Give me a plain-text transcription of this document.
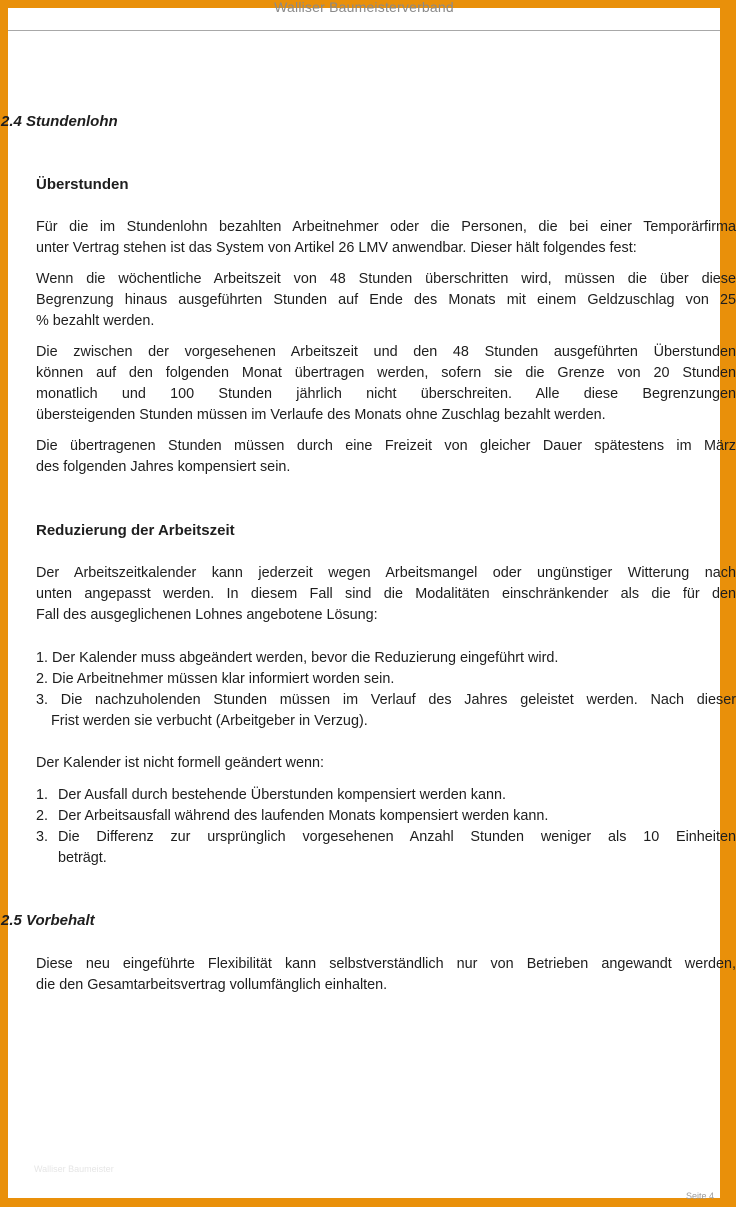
Walliser Baumeisterverband
2.4 Stundenlohn
Überstunden
Für die im Stundenlohn bezahlten Arbeitnehmer oder die Personen, die bei einer Temporärfirma
unter Vertrag stehen ist das System von Artikel 26 LMV anwendbar. Dieser hält folgendes fest:
Wenn die wöchentliche Arbeitszeit von 48 Stunden überschritten wird, müssen die über diese
Begrenzung hinaus ausgeführten Stunden auf Ende des Monats mit einem Geldzuschlag von 25
% bezahlt werden.
Die zwischen der vorgesehenen Arbeitszeit und den 48 Stunden ausgeführten Überstunden
können auf den folgenden Monat übertragen werden, sofern sie die Grenze von 20 Stunden
monatlich und 100 Stunden jährlich nicht überschreiten. Alle diese Begrenzungen
übersteigenden Stunden müssen im Verlaufe des Monats ohne Zuschlag bezahlt werden.
Die übertragenen Stunden müssen durch eine Freizeit von gleicher Dauer spätestens im März
des folgenden Jahres kompensiert sein.
Reduzierung der Arbeitszeit
Der Arbeitszeitkalender kann jederzeit wegen Arbeitsmangel oder ungünstiger Witterung nach
unten angepasst werden. In diesem Fall sind die Modalitäten einschränkender als die für den
Fall des ausgeglichenen Lohnes angebotene Lösung:
1. Der Kalender muss abgeändert werden, bevor die Reduzierung eingeführt wird.
2. Die Arbeitnehmer müssen klar informiert worden sein.
3. Die nachzuholenden Stunden müssen im Verlauf des Jahres geleistet werden. Nach dieser
Frist werden sie verbucht (Arbeitgeber in Verzug).
Der Kalender ist nicht formell geändert wenn:
1. Der Ausfall durch bestehende Überstunden kompensiert werden kann.
2. Der Arbeitsausfall während des laufenden Monats kompensiert werden kann.
3. Die Differenz zur ursprünglich vorgesehenen Anzahl Stunden weniger als 10 Einheiten
beträgt.
2.5 Vorbehalt
Diese neu eingeführte Flexibilität kann selbstverständlich nur von Betrieben angewandt werden,
die den Gesamtarbeitsvertrag vollumfänglich einhalten.
Walliser Baumeister
Seite 4
